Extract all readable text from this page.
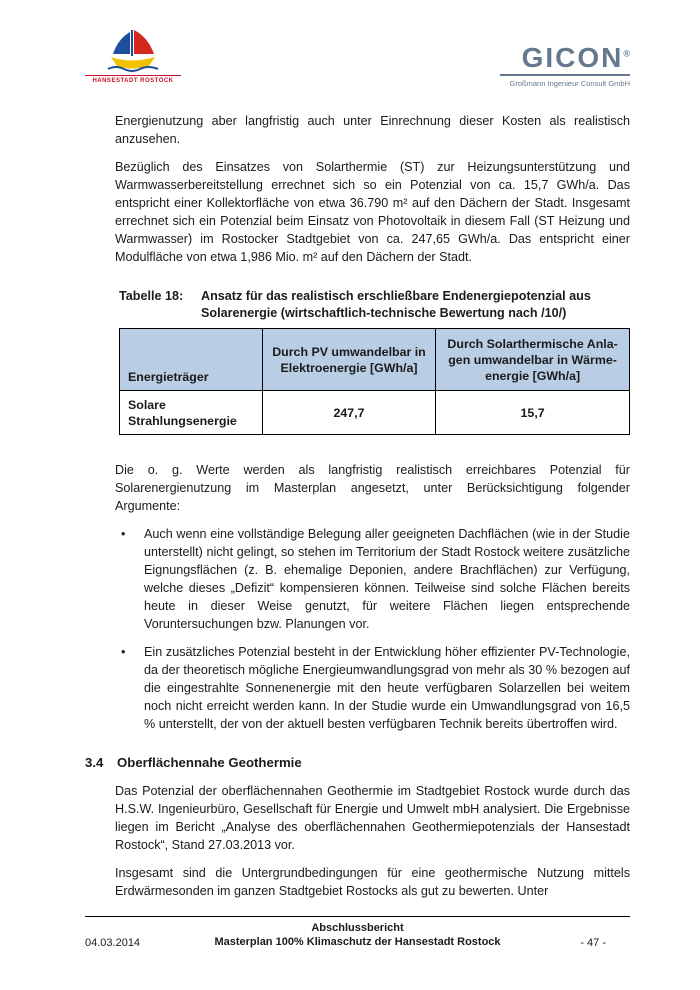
HANSESTADT ROSTOCK
GICON®
Großmann Ingenieur Consult GmbH

Energienutzung aber langfristig auch unter Einrechnung dieser Kosten als realistisch anzusehen.

Bezüglich des Einsatzes von Solarthermie (ST) zur Heizungsunterstützung und Warmwasserbereitstellung errechnet sich so ein Potenzial von ca. 15,7 GWh/a. Das entspricht einer Kollektorfläche von etwa 36.790 m² auf den Dächern der Stadt. Insgesamt errechnet sich ein Potenzial beim Einsatz von Photovoltaik in diesem Fall (ST Heizung und Warmwasser) im Rostocker Stadtgebiet von ca. 247,65 GWh/a. Das entspricht einer Modulfläche von etwa 1,986 Mio. m² auf den Dächern der Stadt.

Tabelle 18:	Ansatz für das realistisch erschließbare Endenergiepotenzial aus Solarenergie (wirtschaftlich-technische Bewertung nach /10/)
Energieträger	Durch PV umwandelbar in Elektroenergie [GWh/a]	Durch Solarthermische Anlagen umwandelbar in Wärmeenergie [GWh/a]
Solare Strahlungsenergie	247,7	15,7

Die o. g. Werte werden als langfristig realistisch erreichbares Potenzial für Solarenergienutzung im Masterplan angesetzt, unter Berücksichtigung folgender Argumente:

•	Auch wenn eine vollständige Belegung aller geeigneten Dachflächen (wie in der Studie unterstellt) nicht gelingt, so stehen im Territorium der Stadt Rostock weitere zusätzliche Eignungsflächen (z. B. ehemalige Deponien, andere Brachflächen) zur Verfügung, welche dieses „Defizit“ kompensieren können. Teilweise sind solche Flächen bereits heute in dieser Weise genutzt, für weitere Flächen liegen entsprechende Voruntersuchungen bzw. Planungen vor.
•	Ein zusätzliches Potenzial besteht in der Entwicklung höher effizienter PV-Technologie, da der theoretisch mögliche Energieumwandlungsgrad von mehr als 30 % bezogen auf die eingestrahlte Sonnenenergie mit den heute verfügbaren Solarzellen bei weitem noch nicht erreicht werden kann. In der Studie wurde ein Umwandlungsgrad von 16,5 % unterstellt, der von der aktuell besten verfügbaren Technik bereits übertroffen wird.
3.4	Oberflächennahe Geothermie

Das Potenzial der oberflächennahen Geothermie im Stadtgebiet Rostock wurde durch das H.S.W. Ingenieurbüro, Gesellschaft für Energie und Umwelt mbH analysiert. Die Ergebnisse liegen im Bericht „Analyse des oberflächennahen Geothermiepotenzials der Hansestadt Rostock“, Stand 27.03.2013 vor.

Insgesamt sind die Untergrundbedingungen für eine geothermische Nutzung mittels Erdwärmesonden im ganzen Stadtgebiet Rostocks als gut zu bewerten. Unter

04.03.2014
Abschlussbericht
Masterplan 100% Klimaschutz der Hansestadt Rostock	- 47 -
